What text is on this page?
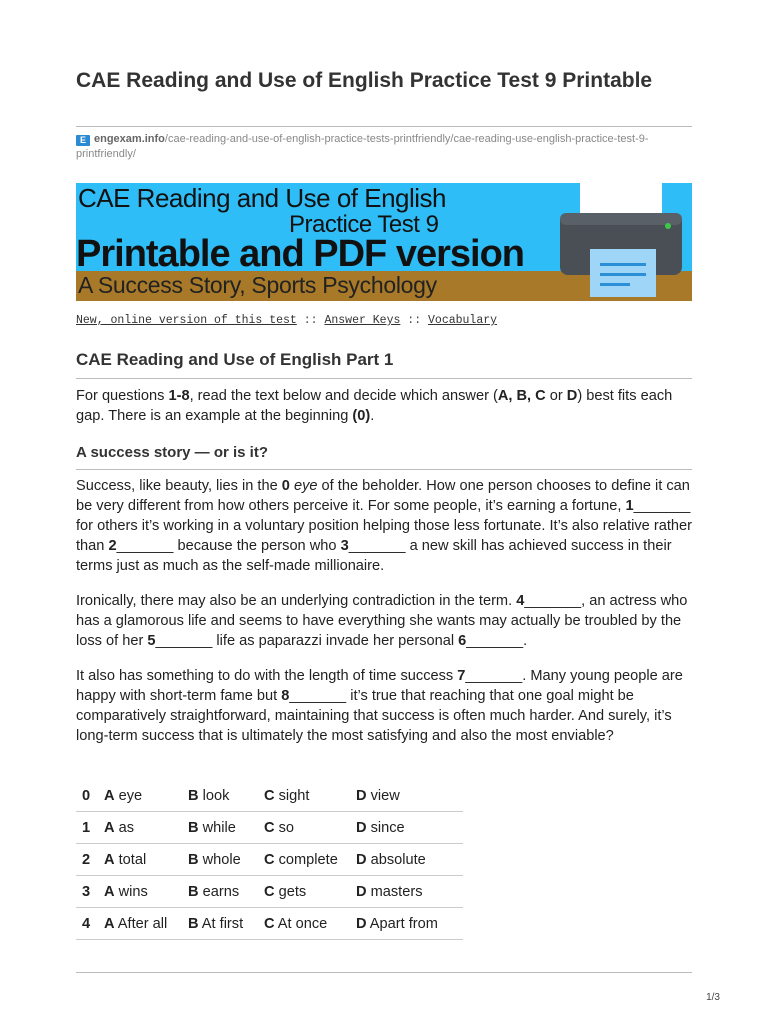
CAE Reading and Use of English Practice Test 9 Printable
E engexam.info/cae-reading-and-use-of-english-practice-tests-printfriendly/cae-reading-use-english-practice-test-9-printfriendly/
CAE Reading and Use of English
Practice Test 9
Printable and PDF version
A Success Story, Sports Psychology
New, online version of this test :: Answer Keys :: Vocabulary
CAE Reading and Use of English Part 1

For questions 1-8, read the text below and decide which answer (A, B, C or D) best fits each gap. There is an example at the beginning (0).

A success story — or is it?

Success, like beauty, lies in the 0 eye of the beholder. How one person chooses to define it can be very different from how others perceive it. For some people, it’s earning a fortune, 1_______ for others it’s working in a voluntary position helping those less fortunate. It’s also relative rather than 2_______ because the person who 3_______ a new skill has achieved success in their terms just as much as the self-made millionaire.

Ironically, there may also be an underlying contradiction in the term. 4_______, an actress who has a glamorous life and seems to have everything she wants may actually be troubled by the loss of her 5_______ life as paparazzi invade her personal 6_______.

It also has something to do with the length of time success 7_______. Many young people are happy with short-term fame but 8_______ it’s true that reaching that one goal might be comparatively straightforward, maintaining that success is often much harder. And surely, it’s long-term success that is ultimately the most satisfying and also the most enviable?

0	A eye	B look	C sight	D view
1	A as	B while	C so	D since
2	A total	B whole	C complete	D absolute
3	A wins	B earns	C gets	D masters
4	A After all	B At first	C At once	D Apart from
1/3
